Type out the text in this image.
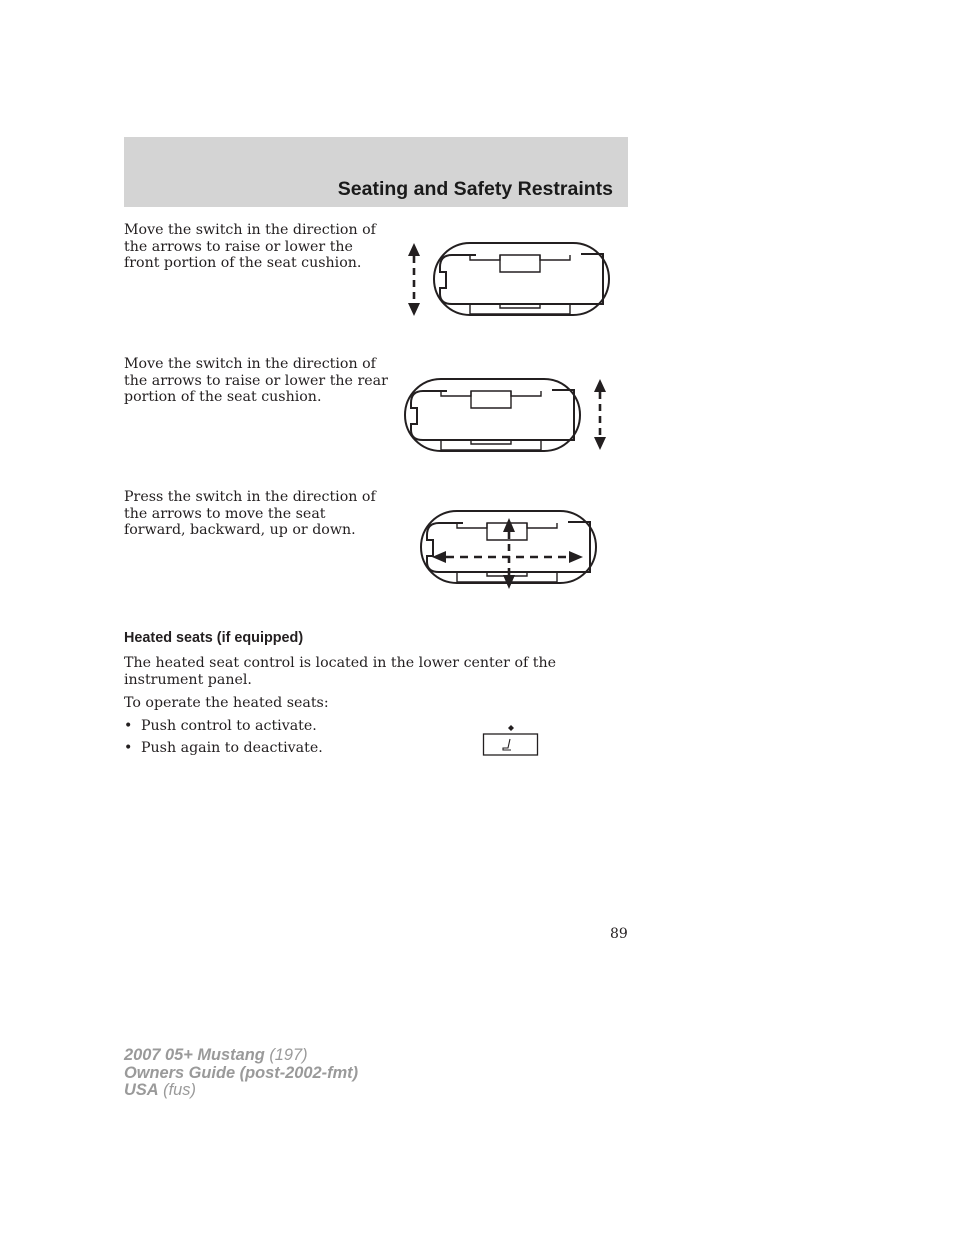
Seating and Safety Restraints
Move the switch in the direction of
the arrows to raise or lower the
front portion of the seat cushion.
Move the switch in the direction of
the arrows to raise or lower the rear
portion of the seat cushion.
Press the switch in the direction of
the arrows to move the seat
forward, backward, up or down.
Heated seats (if equipped)

The heated seat control is located in the lower center of the instrument panel.

To operate the heated seats:

• Push control to activate.
• Push again to deactivate.
89
2007 05+ Mustang (197)
Owners Guide (post-2002-fmt)
USA (fus)
